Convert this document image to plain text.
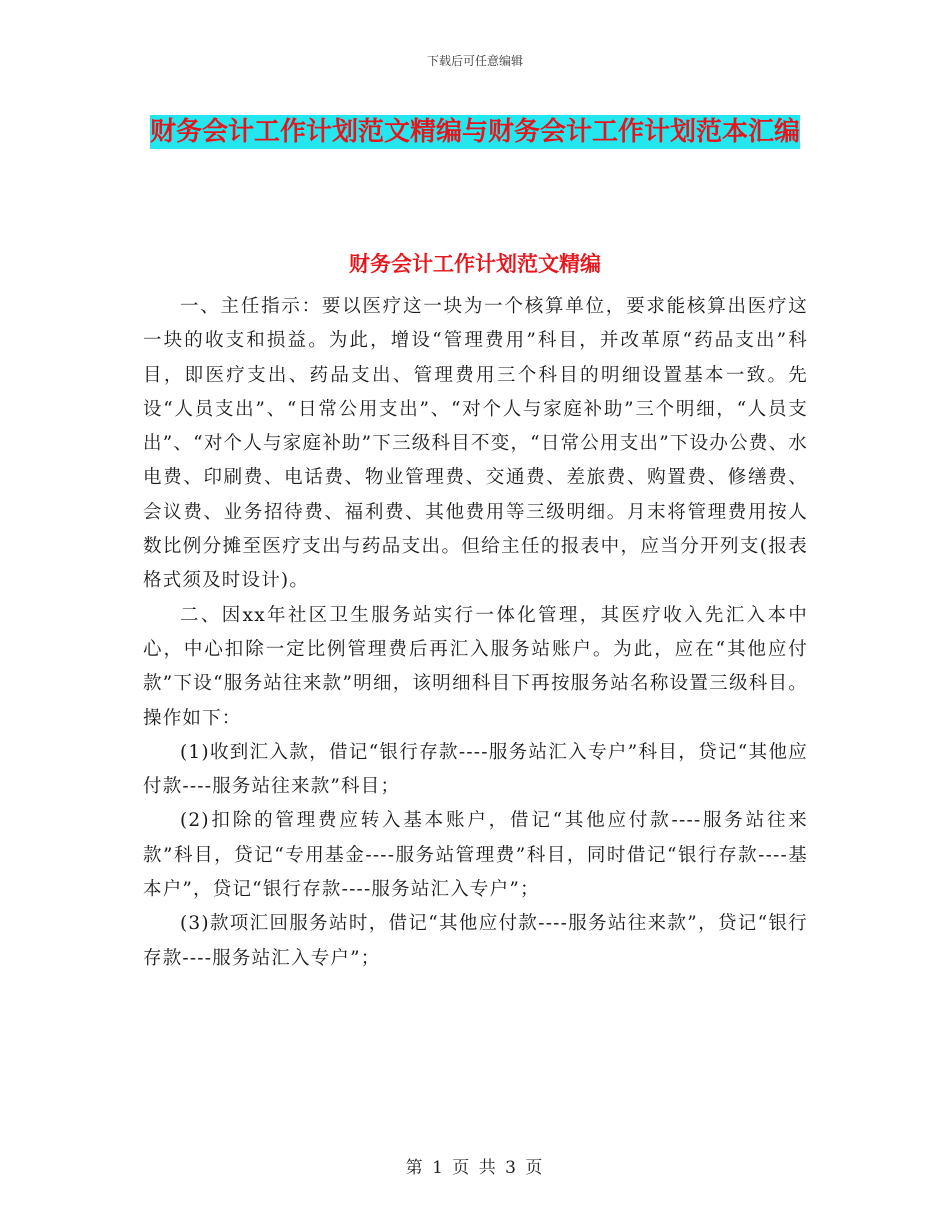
下载后可任意编辑
财务会计工作计划范文精编与财务会计工作计划范本汇编
财务会计工作计划范文精编

一、主任指示：要以医疗这一块为一个核算单位，要求能核算出医疗这一块的收支和损益。为此，增设“管理费用”科目，并改革原“药品支出”科目，即医疗支出、药品支出、管理费用三个科目的明细设置基本一致。先设“人员支出”、“日常公用支出”、“对个人与家庭补助”三个明细，“人员支出”、“对个人与家庭补助”下三级科目不变，“日常公用支出”下设办公费、水电费、印刷费、电话费、物业管理费、交通费、差旅费、购置费、修缮费、会议费、业务招待费、福利费、其他费用等三级明细。月末将管理费用按人数比例分摊至医疗支出与药品支出。但给主任的报表中，应当分开列支(报表格式须及时设计)。

二、因xx年社区卫生服务站实行一体化管理，其医疗收入先汇入本中心，中心扣除一定比例管理费后再汇入服务站账户。为此，应在“其他应付款”下设“服务站往来款”明细，该明细科目下再按服务站名称设置三级科目。操作如下：

(1)收到汇入款，借记“银行存款----服务站汇入专户”科目，贷记“其他应付款----服务站往来款”科目；

(2)扣除的管理费应转入基本账户，借记“其他应付款----服务站往来款”科目，贷记“专用基金----服务站管理费”科目，同时借记“银行存款----基本户”，贷记“银行存款----服务站汇入专户”；

(3)款项汇回服务站时，借记“其他应付款----服务站往来款”，贷记“银行存款----服务站汇入专户”；

第 1 页 共 3 页
